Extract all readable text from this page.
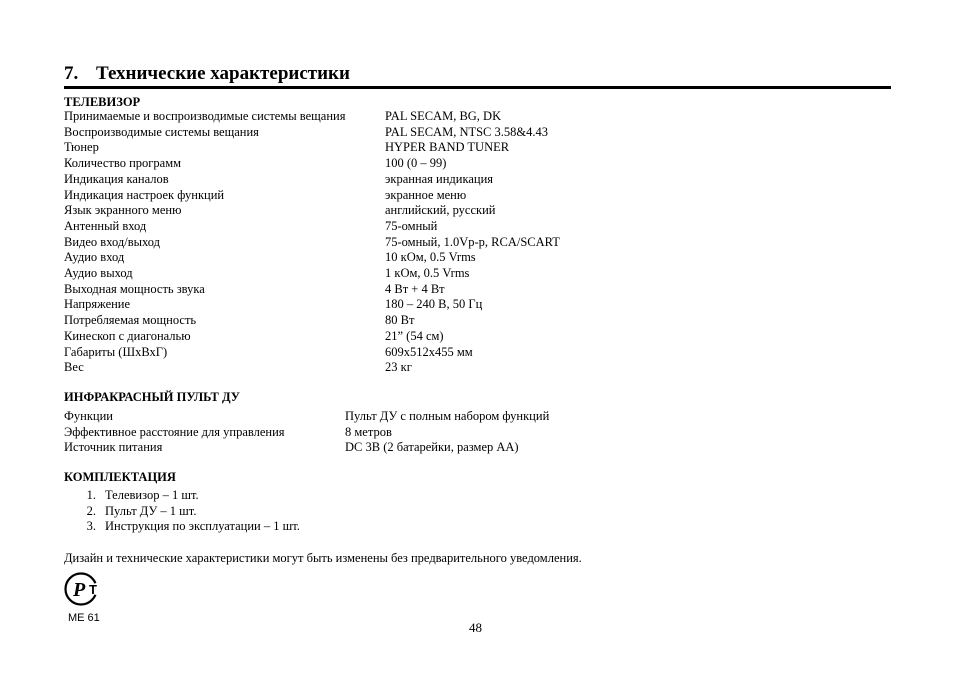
7. Технические характеристики
ТЕЛЕВИЗОР
Принимаемые и воспроизводимые системы вещания	PAL SECAM, BG, DK
Воспроизводимые системы вещания	PAL SECAM, NTSC 3.58&4.43
Тюнер	HYPER BAND TUNER
Количество программ	100 (0 – 99)
Индикация каналов	экранная индикация
Индикация настроек функций	экранное меню
Язык экранного меню	английский, русский
Антенный вход	75-омный
Видео вход/выход	75-омный, 1.0Vp-p, RCA/SCART
Аудио вход	10 кОм, 0.5 Vrms
Аудио выход	1 кОм, 0.5 Vrms
Выходная мощность звука	4 Вт + 4 Вт
Напряжение	180 – 240 В, 50 Гц
Потребляемая мощность	80 Вт
Кинескоп с диагональю	21” (54 см)
Габариты (ШхВхГ)	609х512х455 мм
Вес	23 кг
ИНФРАКРАСНЫЙ ПУЛЬТ ДУ
Функции	Пульт ДУ с полным набором функций
Эффективное расстояние для управления	8 метров
Источник питания	DC 3В (2 батарейки, размер АА)
КОМПЛЕКТАЦИЯ
1. Телевизор – 1 шт.
2. Пульт ДУ – 1 шт.
3. Инструкция по эксплуатации – 1 шт.
Дизайн и технические характеристики могут быть изменены без предварительного уведомления.
Р Т
ME 61
48
